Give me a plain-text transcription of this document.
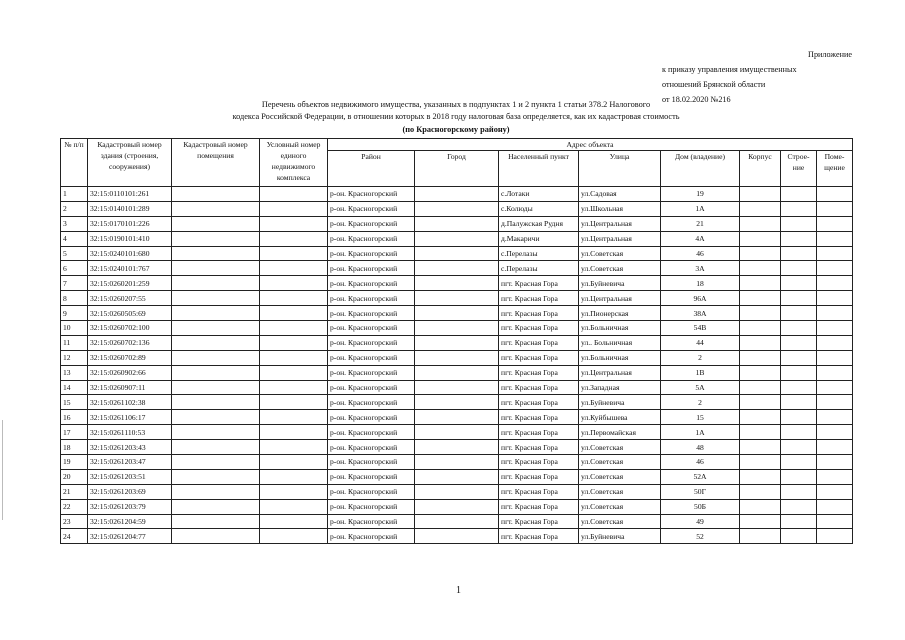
Приложение
к приказу управления имущественных
отношений Брянской области
от 18.02.2020 №216
Перечень объектов недвижимого имущества, указанных в подпунктах 1 и 2 пункта 1 статьи 378.2 Налогового
кодекса Российской Федерации, в отношении которых в 2018 году налоговая база определяется, как их кадастровая стоимость
(по Красногорскому району)
№ п/п	Кадастровый номер здания (строения, сооружения)	Кадастровый номер помещения	Условный номер единого недвижимого комплекса	Адрес объекта							
				Район	Город	Населенный пункт	Улица	Дом (владение)	Корпус	Строе-ние	Поме-щение
1	32:15:0110101:261			р-он. Красногорский		с.Лотаки	ул.Садовая	19			
2	32:15:0140101:289			р-он. Красногорский		с.Колюды	ул.Школьная	1А			
3	32:15:0170101:226			р-он. Красногорский		д.Палужская Рудня	ул.Центральная	21			
4	32:15:0190101:410			р-он. Красногорский		д.Макаричи	ул.Центральная	4А			
5	32:15:0240101:680			р-он. Красногорский		с.Перелазы	ул.Советская	46			
6	32:15:0240101:767			р-он. Красногорский		с.Перелазы	ул.Советская	3А			
7	32:15:0260201:259			р-он. Красногорский		пгт. Красная Гора	ул.Буйневича	18			
8	32:15:0260207:55			р-он. Красногорский		пгт. Красная Гора	ул.Центральная	96А			
9	32:15:0260505:69			р-он. Красногорский		пгт. Красная Гора	ул.Пионерская	38А			
10	32:15:0260702:100			р-он. Красногорский		пгт. Красная Гора	ул.Больничная	54В			
11	32:15:0260702:136			р-он. Красногорский		пгт. Красная Гора	ул.. Больничная	44			
12	32:15:0260702:89			р-он. Красногорский		пгт. Красная Гора	ул.Больничная	2			
13	32:15:0260902:66			р-он. Красногорский		пгт. Красная Гора	ул.Центральная	1В			
14	32:15:0260907:11			р-он. Красногорский		пгт. Красная Гора	ул.Западная	5А			
15	32:15:0261102:38			р-он. Красногорский		пгт. Красная Гора	ул.Буйневича	2			
16	32:15:0261106:17			р-он. Красногорский		пгт. Красная Гора	ул.Куйбышева	15			
17	32:15:0261110:53			р-он. Красногорский		пгт. Красная Гора	ул.Первомайская	1А			
18	32:15:0261203:43			р-он. Красногорский		пгт. Красная Гора	ул.Советская	48			
19	32:15:0261203:47			р-он. Красногорский		пгт. Красная Гора	ул.Советская	46			
20	32:15:0261203:51			р-он. Красногорский		пгт. Красная Гора	ул.Советская	52А			
21	32:15:0261203:69			р-он. Красногорский		пгт. Красная Гора	ул.Советская	50Г			
22	32:15:0261203:79			р-он. Красногорский		пгт. Красная Гора	ул.Советская	50Б			
23	32:15:0261204:59			р-он. Красногорский		пгт. Красная Гора	ул.Советская	49			
24	32:15:0261204:77			р-он. Красногорский		пгт. Красная Гора	ул.Буйневича	52			
1
